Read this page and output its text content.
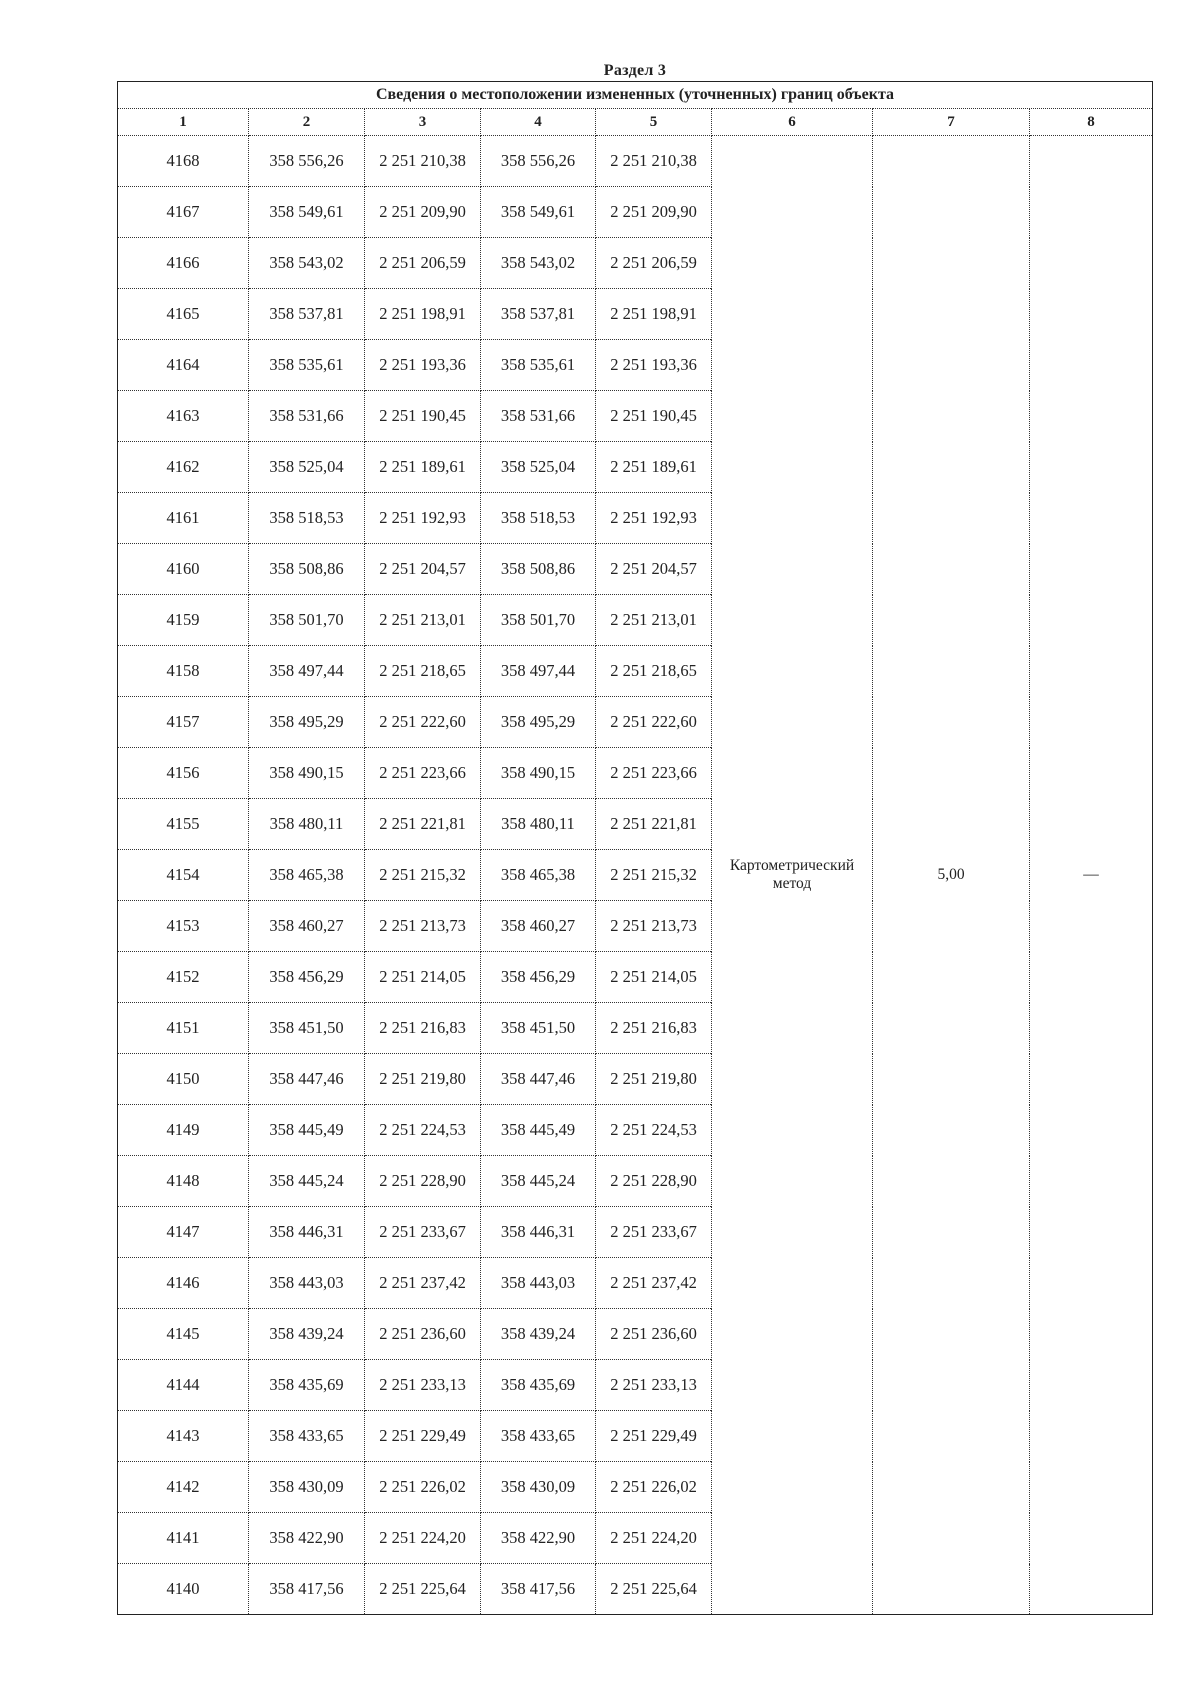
Раздел 3
Сведения о местоположении измененных (уточненных) границ объекта							
1	2	3	4	5	6	7	8
4168	358 556,26	2 251 210,38	358 556,26	2 251 210,38	Картометрический метод	5,00	—
4167	358 549,61	2 251 209,90	358 549,61	2 251 209,90			
4166	358 543,02	2 251 206,59	358 543,02	2 251 206,59			
4165	358 537,81	2 251 198,91	358 537,81	2 251 198,91			
4164	358 535,61	2 251 193,36	358 535,61	2 251 193,36			
4163	358 531,66	2 251 190,45	358 531,66	2 251 190,45			
4162	358 525,04	2 251 189,61	358 525,04	2 251 189,61			
4161	358 518,53	2 251 192,93	358 518,53	2 251 192,93			
4160	358 508,86	2 251 204,57	358 508,86	2 251 204,57			
4159	358 501,70	2 251 213,01	358 501,70	2 251 213,01			
4158	358 497,44	2 251 218,65	358 497,44	2 251 218,65			
4157	358 495,29	2 251 222,60	358 495,29	2 251 222,60			
4156	358 490,15	2 251 223,66	358 490,15	2 251 223,66			
4155	358 480,11	2 251 221,81	358 480,11	2 251 221,81			
4154	358 465,38	2 251 215,32	358 465,38	2 251 215,32			
4153	358 460,27	2 251 213,73	358 460,27	2 251 213,73			
4152	358 456,29	2 251 214,05	358 456,29	2 251 214,05			
4151	358 451,50	2 251 216,83	358 451,50	2 251 216,83			
4150	358 447,46	2 251 219,80	358 447,46	2 251 219,80			
4149	358 445,49	2 251 224,53	358 445,49	2 251 224,53			
4148	358 445,24	2 251 228,90	358 445,24	2 251 228,90			
4147	358 446,31	2 251 233,67	358 446,31	2 251 233,67			
4146	358 443,03	2 251 237,42	358 443,03	2 251 237,42			
4145	358 439,24	2 251 236,60	358 439,24	2 251 236,60			
4144	358 435,69	2 251 233,13	358 435,69	2 251 233,13			
4143	358 433,65	2 251 229,49	358 433,65	2 251 229,49			
4142	358 430,09	2 251 226,02	358 430,09	2 251 226,02			
4141	358 422,90	2 251 224,20	358 422,90	2 251 224,20			
4140	358 417,56	2 251 225,64	358 417,56	2 251 225,64			
